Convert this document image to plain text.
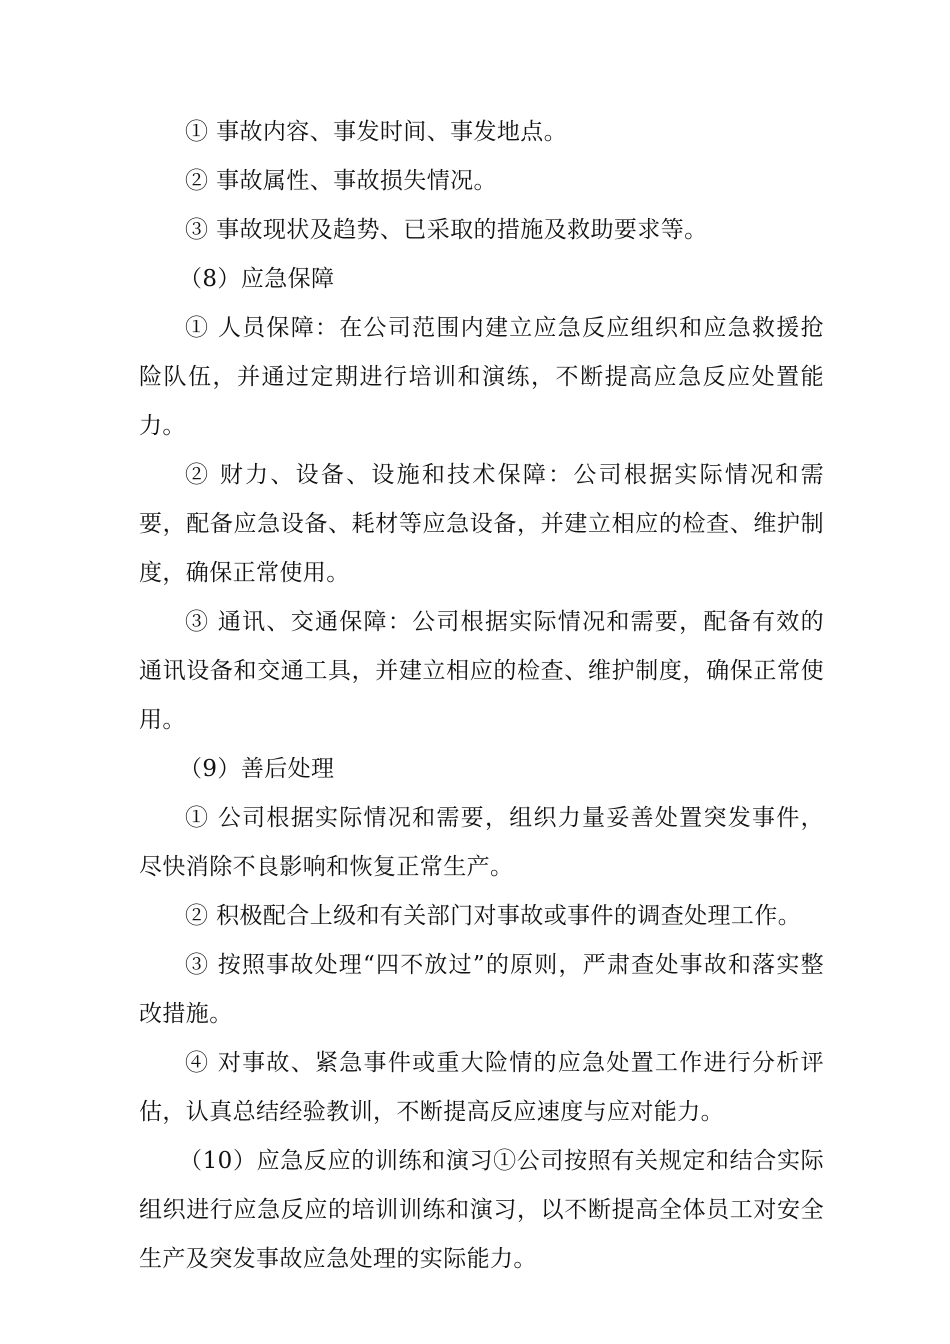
① 事故内容、事发时间、事发地点。

② 事故属性、事故损失情况。

③ 事故现状及趋势、已采取的措施及救助要求等。

（8）应急保障

① 人员保障：在公司范围内建立应急反应组织和应急救援抢险队伍，并通过定期进行培训和演练，不断提高应急反应处置能力。

② 财力、设备、设施和技术保障：公司根据实际情况和需要，配备应急设备、耗材等应急设备，并建立相应的检查、维护制度，确保正常使用。

③ 通讯、交通保障：公司根据实际情况和需要，配备有效的通讯设备和交通工具，并建立相应的检查、维护制度，确保正常使用。

（9）善后处理

① 公司根据实际情况和需要，组织力量妥善处置突发事件，尽快消除不良影响和恢复正常生产。

② 积极配合上级和有关部门对事故或事件的调查处理工作。

③ 按照事故处理“四不放过”的原则，严肃查处事故和落实整改措施。

④ 对事故、紧急事件或重大险情的应急处置工作进行分析评估，认真总结经验教训，不断提高反应速度与应对能力。

（10）应急反应的训练和演习①公司按照有关规定和结合实际组织进行应急反应的培训训练和演习，以不断提高全体员工对安全生产及突发事故应急处理的实际能力。
